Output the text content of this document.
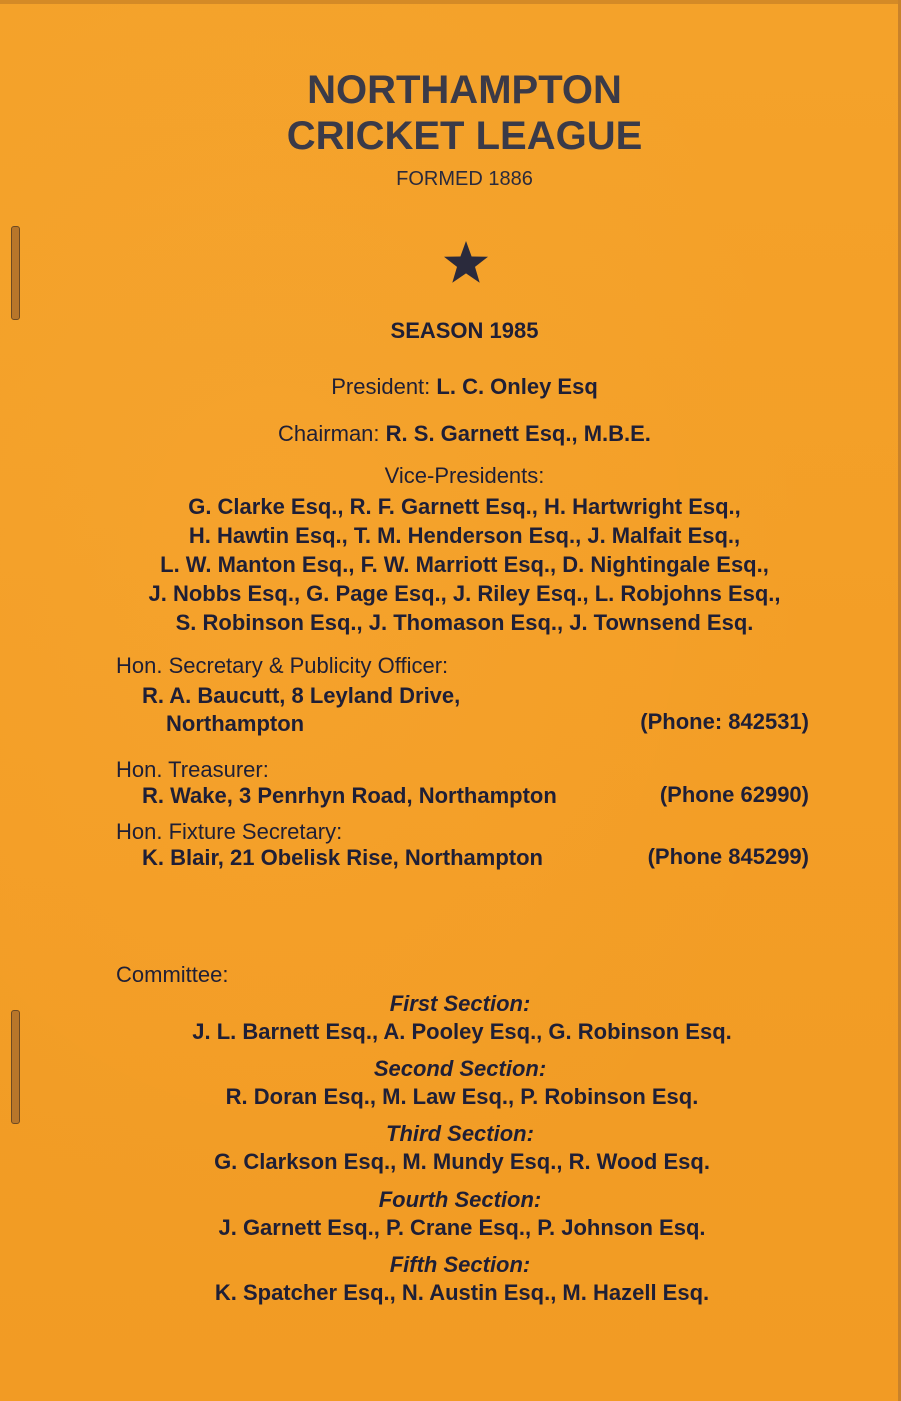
NORTHAMPTON
CRICKET LEAGUE
FORMED 1886
SEASON 1985
President: L. C. Onley Esq
Chairman: R. S. Garnett Esq., M.B.E.
Vice-Presidents:
G. Clarke Esq., R. F. Garnett Esq., H. Hartwright Esq.,
H. Hawtin Esq., T. M. Henderson Esq., J. Malfait Esq.,
L. W. Manton Esq., F. W. Marriott Esq., D. Nightingale Esq.,
J. Nobbs Esq., G. Page Esq., J. Riley Esq., L. Robjohns Esq.,
S. Robinson Esq., J. Thomason Esq., J. Townsend Esq.
Hon. Secretary & Publicity Officer:
R. A. Baucutt, 8 Leyland Drive,
Northampton	(Phone: 842531)
Hon. Treasurer:
R. Wake, 3 Penrhyn Road, Northampton	(Phone 62990)
Hon. Fixture Secretary:
K. Blair, 21 Obelisk Rise, Northampton	(Phone 845299)
Committee:
First Section:
J. L. Barnett Esq., A. Pooley Esq., G. Robinson Esq.
Second Section:
R. Doran Esq., M. Law Esq., P. Robinson Esq.
Third Section:
G. Clarkson Esq., M. Mundy Esq., R. Wood Esq.
Fourth Section:
J. Garnett Esq., P. Crane Esq., P. Johnson Esq.
Fifth Section:
K. Spatcher Esq., N. Austin Esq., M. Hazell Esq.
